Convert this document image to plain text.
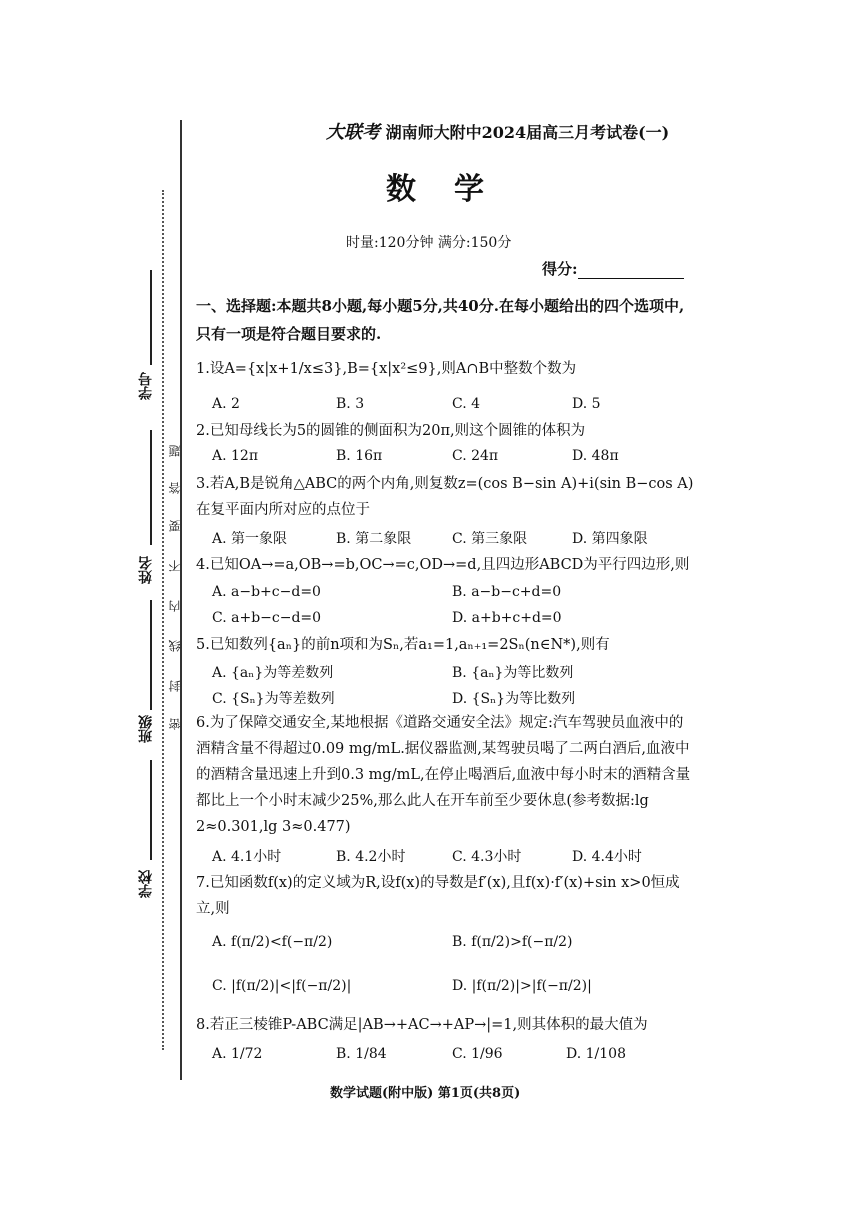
学号
姓名
班级
学校
题
答
要
不
内
线
封
密
大联考 湖南师大附中2024届高三月考试卷(一)
数学
时量:120分钟 满分:150分
得分:
一、选择题:本题共8小题,每小题5分,共40分.在每小题给出的四个选项中,只有一项是符合题目要求的.
1.设A={x|x+1/x≤3},B={x|x²≤9},则A∩B中整数个数为
A. 2	B. 3	C. 4	D. 5
2.已知母线长为5的圆锥的侧面积为20π,则这个圆锥的体积为
A. 12π	B. 16π	C. 24π	D. 48π
3.若A,B是锐角△ABC的两个内角,则复数z=(cos B−sin A)+i(sin B−cos A)在复平面内所对应的点位于
A. 第一象限	B. 第二象限	C. 第三象限	D. 第四象限
4.已知OA→=a,OB→=b,OC→=c,OD→=d,且四边形ABCD为平行四边形,则
A. a−b+c−d=0	B. a−b−c+d=0
C. a+b−c−d=0	D. a+b+c+d=0
5.已知数列{aₙ}的前n项和为Sₙ,若a₁=1,aₙ₊₁=2Sₙ(n∈N*),则有
A. {aₙ}为等差数列	B. {aₙ}为等比数列
C. {Sₙ}为等差数列	D. {Sₙ}为等比数列
6.为了保障交通安全,某地根据《道路交通安全法》规定:汽车驾驶员血液中的酒精含量不得超过0.09 mg/mL.据仪器监测,某驾驶员喝了二两白酒后,血液中的酒精含量迅速上升到0.3 mg/mL,在停止喝酒后,血液中每小时末的酒精含量都比上一个小时末减少25%,那么此人在开车前至少要休息(参考数据:lg 2≈0.301,lg 3≈0.477)
A. 4.1小时	B. 4.2小时	C. 4.3小时	D. 4.4小时
7.已知函数f(x)的定义域为R,设f(x)的导数是f′(x),且f(x)·f′(x)+sin x>0恒成立,则
A. f(π/2)<f(−π/2)	B. f(π/2)>f(−π/2)
C. |f(π/2)|<|f(−π/2)|	D. |f(π/2)|>|f(−π/2)|
8.若正三棱锥P-ABC满足|AB→+AC→+AP→|=1,则其体积的最大值为
A. 1/72	B. 1/84	C. 1/96	D. 1/108
数学试题(附中版) 第1页(共8页)
